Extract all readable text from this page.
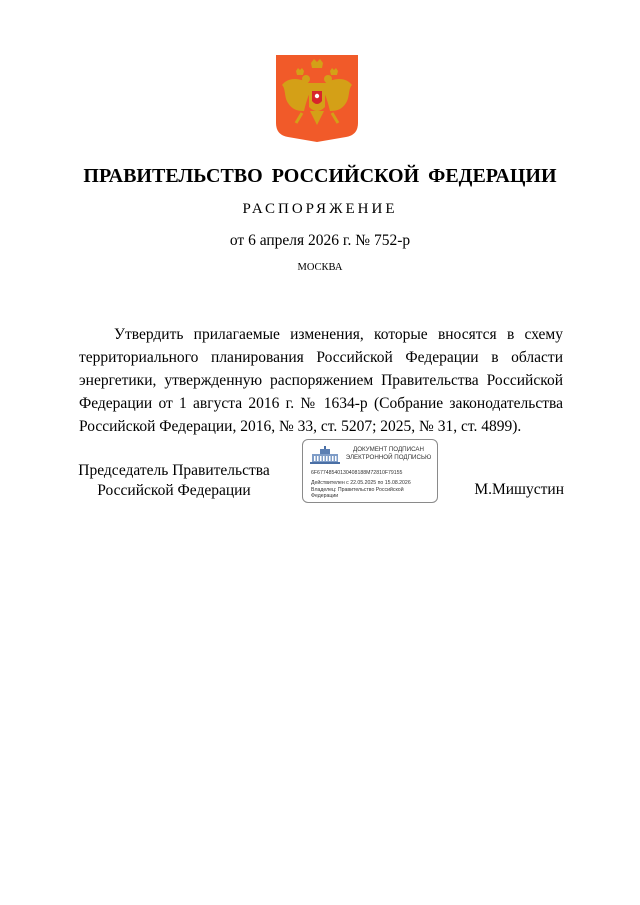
ПРАВИТЕЛЬСТВО РОССИЙСКОЙ ФЕДЕРАЦИИ
РАСПОРЯЖЕНИЕ
от 6 апреля 2026 г. № 752-р
МОСКВА

Утвердить прилагаемые изменения, которые вносятся в схему территориального планирования Российской Федерации в области энергетики, утвержденную распоряжением Правительства Российской Федерации от 1 августа 2016 г. № 1634-р (Собрание законодательства Российской Федерации, 2016, № 33, ст. 5207; 2025, № 31, ст. 4899).

Председатель Правительства
Российской Федерации
ДОКУМЕНТ ПОДПИСАН
ЭЛЕКТРОННОЙ ПОДПИСЬЮ
6F67748540130408188M72810F79155
Действителен с 22.05.2025 по 15.08.2026
Владелец: Правительство Российской
Федерации	М.Мишустин
